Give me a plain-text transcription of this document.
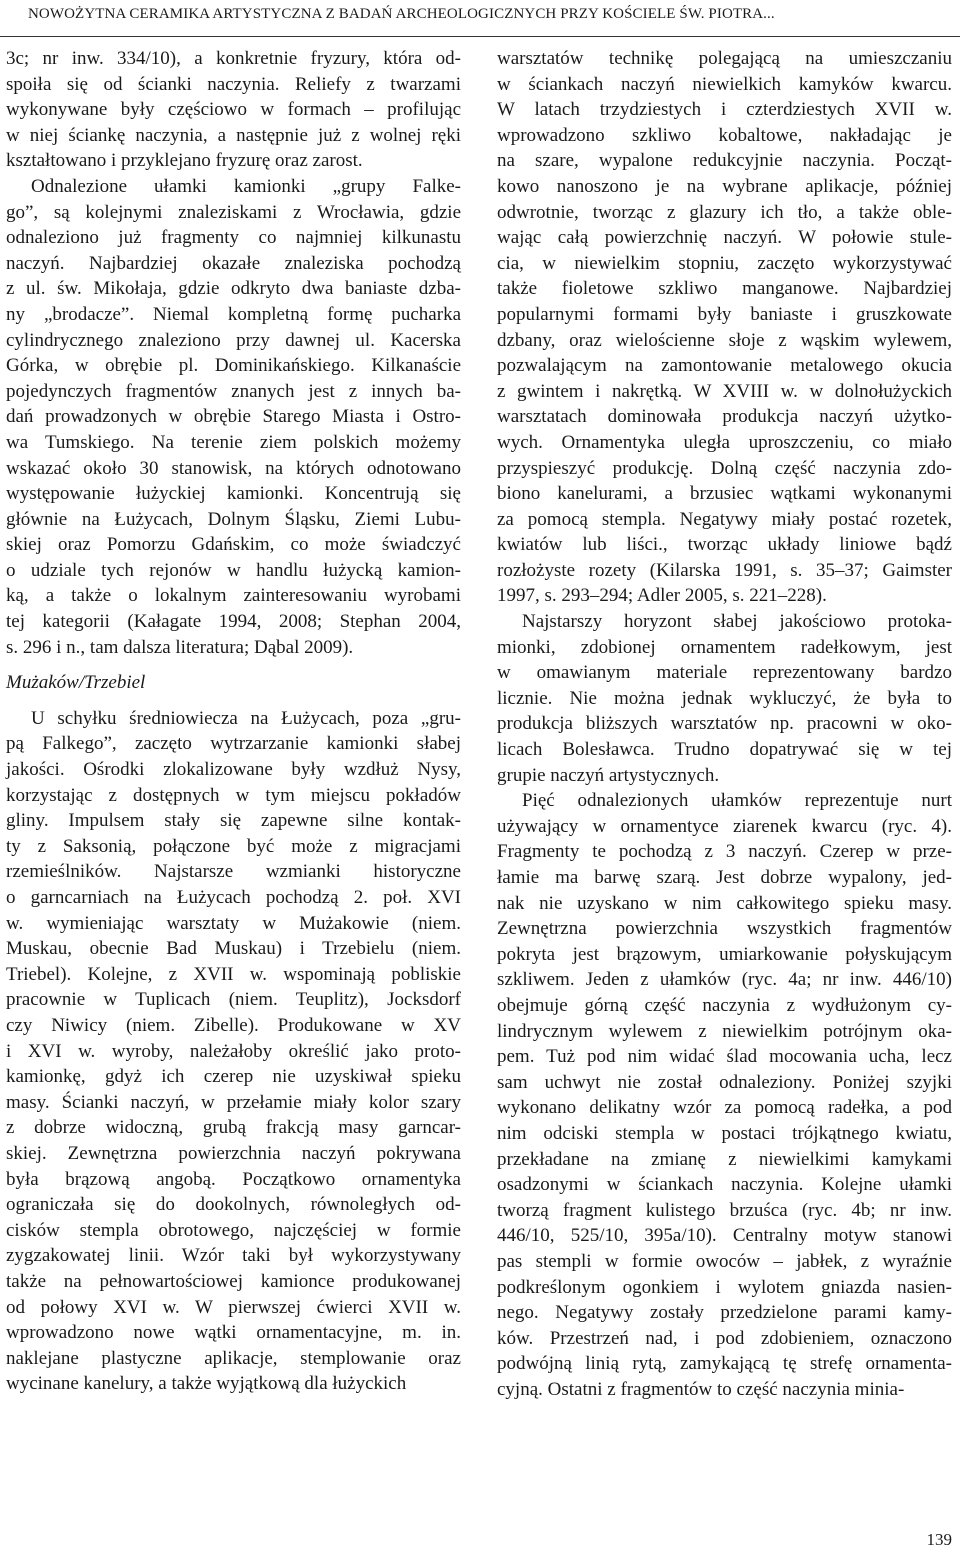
NOWOŻYTNA CERAMIKA ARTYSTYCZNA Z BADAŃ ARCHEOLOGICZNYCH PRZY KOŚCIELE ŚW. PIOTRA...
3c; nr inw. 334/10), a konkretnie fryzury, która od-
spoiła się od ścianki naczynia. Reliefy z twarzami
wykonywane były częściowo w formach – profilując
w niej ściankę naczynia, a następnie już z wolnej ręki
kształtowano i przyklejano fryzurę oraz zarost.
Odnalezione ułamki kamionki „grupy Falke-
go”, są kolejnymi znaleziskami z Wrocławia, gdzie
odnaleziono już fragmenty co najmniej kilkunastu
naczyń. Najbardziej okazałe znaleziska pochodzą
z ul. św. Mikołaja, gdzie odkryto dwa baniaste dzba-
ny „brodacze”. Niemal kompletną formę pucharka
cylindrycznego znaleziono przy dawnej ul. Kacerska
Górka, w obrębie pl. Dominikańskiego. Kilkanaście
pojedynczych fragmentów znanych jest z innych ba-
dań prowadzonych w obrębie Starego Miasta i Ostro-
wa Tumskiego. Na terenie ziem polskich możemy
wskazać około 30 stanowisk, na których odnotowano
występowanie łużyckiej kamionki. Koncentrują się
głównie na Łużycach, Dolnym Śląsku, Ziemi Lubu-
skiej oraz Pomorzu Gdańskim, co może świadczyć
o udziale tych rejonów w handlu łużycką kamion-
ką, a także o lokalnym zainteresowaniu wyrobami
tej kategorii (Kałagate 1994, 2008; Stephan 2004,
s. 296 i n., tam dalsza literatura; Dąbal 2009).
Mużaków/Trzebiel
U schyłku średniowiecza na Łużycach, poza „gru-
pą Falkego”, zaczęto wytrzarzanie kamionki słabej
jakości. Ośrodki zlokalizowane były wzdłuż Nysy,
korzystając z dostępnych w tym miejscu pokładów
gliny. Impulsem stały się zapewne silne kontak-
ty z Saksonią, połączone być może z migracjami
rzemieślników. Najstarsze wzmianki historyczne
o garncarniach na Łużycach pochodzą 2. poł. XVI
w. wymieniając warsztaty w Mużakowie (niem.
Muskau, obecnie Bad Muskau) i Trzebielu (niem.
Triebel). Kolejne, z XVII w. wspominają pobliskie
pracownie w Tuplicach (niem. Teuplitz), Jocksdorf
czy Niwicy (niem. Zibelle). Produkowane w XV
i XVI w. wyroby, należałoby określić jako proto-
kamionkę, gdyż ich czerep nie uzyskiwał spieku
masy. Ścianki naczyń, w przełamie miały kolor szary
z dobrze widoczną, grubą frakcją masy garncar-
skiej. Zewnętrzna powierzchnia naczyń pokrywana
była brązową angobą. Początkowo ornamentyka
ograniczała się do dookolnych, równoległych od-
cisków stempla obrotowego, najczęściej w formie
zygzakowatej linii. Wzór taki był wykorzystywany
także na pełnowartościowej kamionce produkowanej
od połowy XVI w. W pierwszej ćwierci XVII w.
wprowadzono nowe wątki ornamentacyjne, m. in.
naklejane plastyczne aplikacje, stemplowanie oraz
wycinane kanelury, a także wyjątkową dla łużyckich
warsztatów technikę polegającą na umieszczaniu
w ściankach naczyń niewielkich kamyków kwarcu.
W latach trzydziestych i czterdziestych XVII w.
wprowadzono szkliwo kobaltowe, nakładając je
na szare, wypalone redukcyjnie naczynia. Począt-
kowo nanoszono je na wybrane aplikacje, później
odwrotnie, tworząc z glazury ich tło, a także oble-
wając całą powierzchnię naczyń. W połowie stule-
cia, w niewielkim stopniu, zaczęto wykorzystywać
także fioletowe szkliwo manganowe. Najbardziej
popularnymi formami były baniaste i gruszkowate
dzbany, oraz wielościenne słoje z wąskim wylewem,
pozwalającym na zamontowanie metalowego okucia
z gwintem i nakrętką. W XVIII w. w dolnołużyckich
warsztatach dominowała produkcja naczyń użytko-
wych. Ornamentyka uległa uproszczeniu, co miało
przyspieszyć produkcję. Dolną część naczynia zdo-
biono kanelurami, a brzusiec wątkami wykonanymi
za pomocą stempla. Negatywy miały postać rozetek,
kwiatów lub liści., tworząc układy liniowe bądź
rozłożyste rozety (Kilarska 1991, s. 35–37; Gaimster
1997, s. 293–294; Adler 2005, s. 221–228).
Najstarszy horyzont słabej jakościowo protoka-
mionki, zdobionej ornamentem radełkowym, jest
w omawianym materiale reprezentowany bardzo
licznie. Nie można jednak wykluczyć, że była to
produkcja bliższych warsztatów np. pracowni w oko-
licach Bolesławca. Trudno dopatrywać się w tej
grupie naczyń artystycznych.
Pięć odnalezionych ułamków reprezentuje nurt
używający w ornamentyce ziarenek kwarcu (ryc. 4).
Fragmenty te pochodzą z 3 naczyń. Czerep w prze-
łamie ma barwę szarą. Jest dobrze wypalony, jed-
nak nie uzyskano w nim całkowitego spieku masy.
Zewnętrzna powierzchnia wszystkich fragmentów
pokryta jest brązowym, umiarkowanie połyskującym
szkliwem. Jeden z ułamków (ryc. 4a; nr inw. 446/10)
obejmuje górną część naczynia z wydłużonym cy-
lindrycznym wylewem z niewielkim potrójnym oka-
pem. Tuż pod nim widać ślad mocowania ucha, lecz
sam uchwyt nie został odnaleziony. Poniżej szyjki
wykonano delikatny wzór za pomocą radełka, a pod
nim odciski stempla w postaci trójkątnego kwiatu,
przekładane na zmianę z niewielkimi kamykami
osadzonymi w ściankach naczynia. Kolejne ułamki
tworzą fragment kulistego brzuśca (ryc. 4b; nr inw.
446/10, 525/10, 395a/10). Centralny motyw stanowi
pas stempli w formie owoców – jabłek, z wyraźnie
podkreślonym ogonkiem i wylotem gniazda nasien-
nego. Negatywy zostały przedzielone parami kamy-
ków. Przestrzeń nad, i pod zdobieniem, oznaczono
podwójną linią rytą, zamykającą tę strefę ornamenta-
cyjną. Ostatni z fragmentów to część naczynia minia-
139
